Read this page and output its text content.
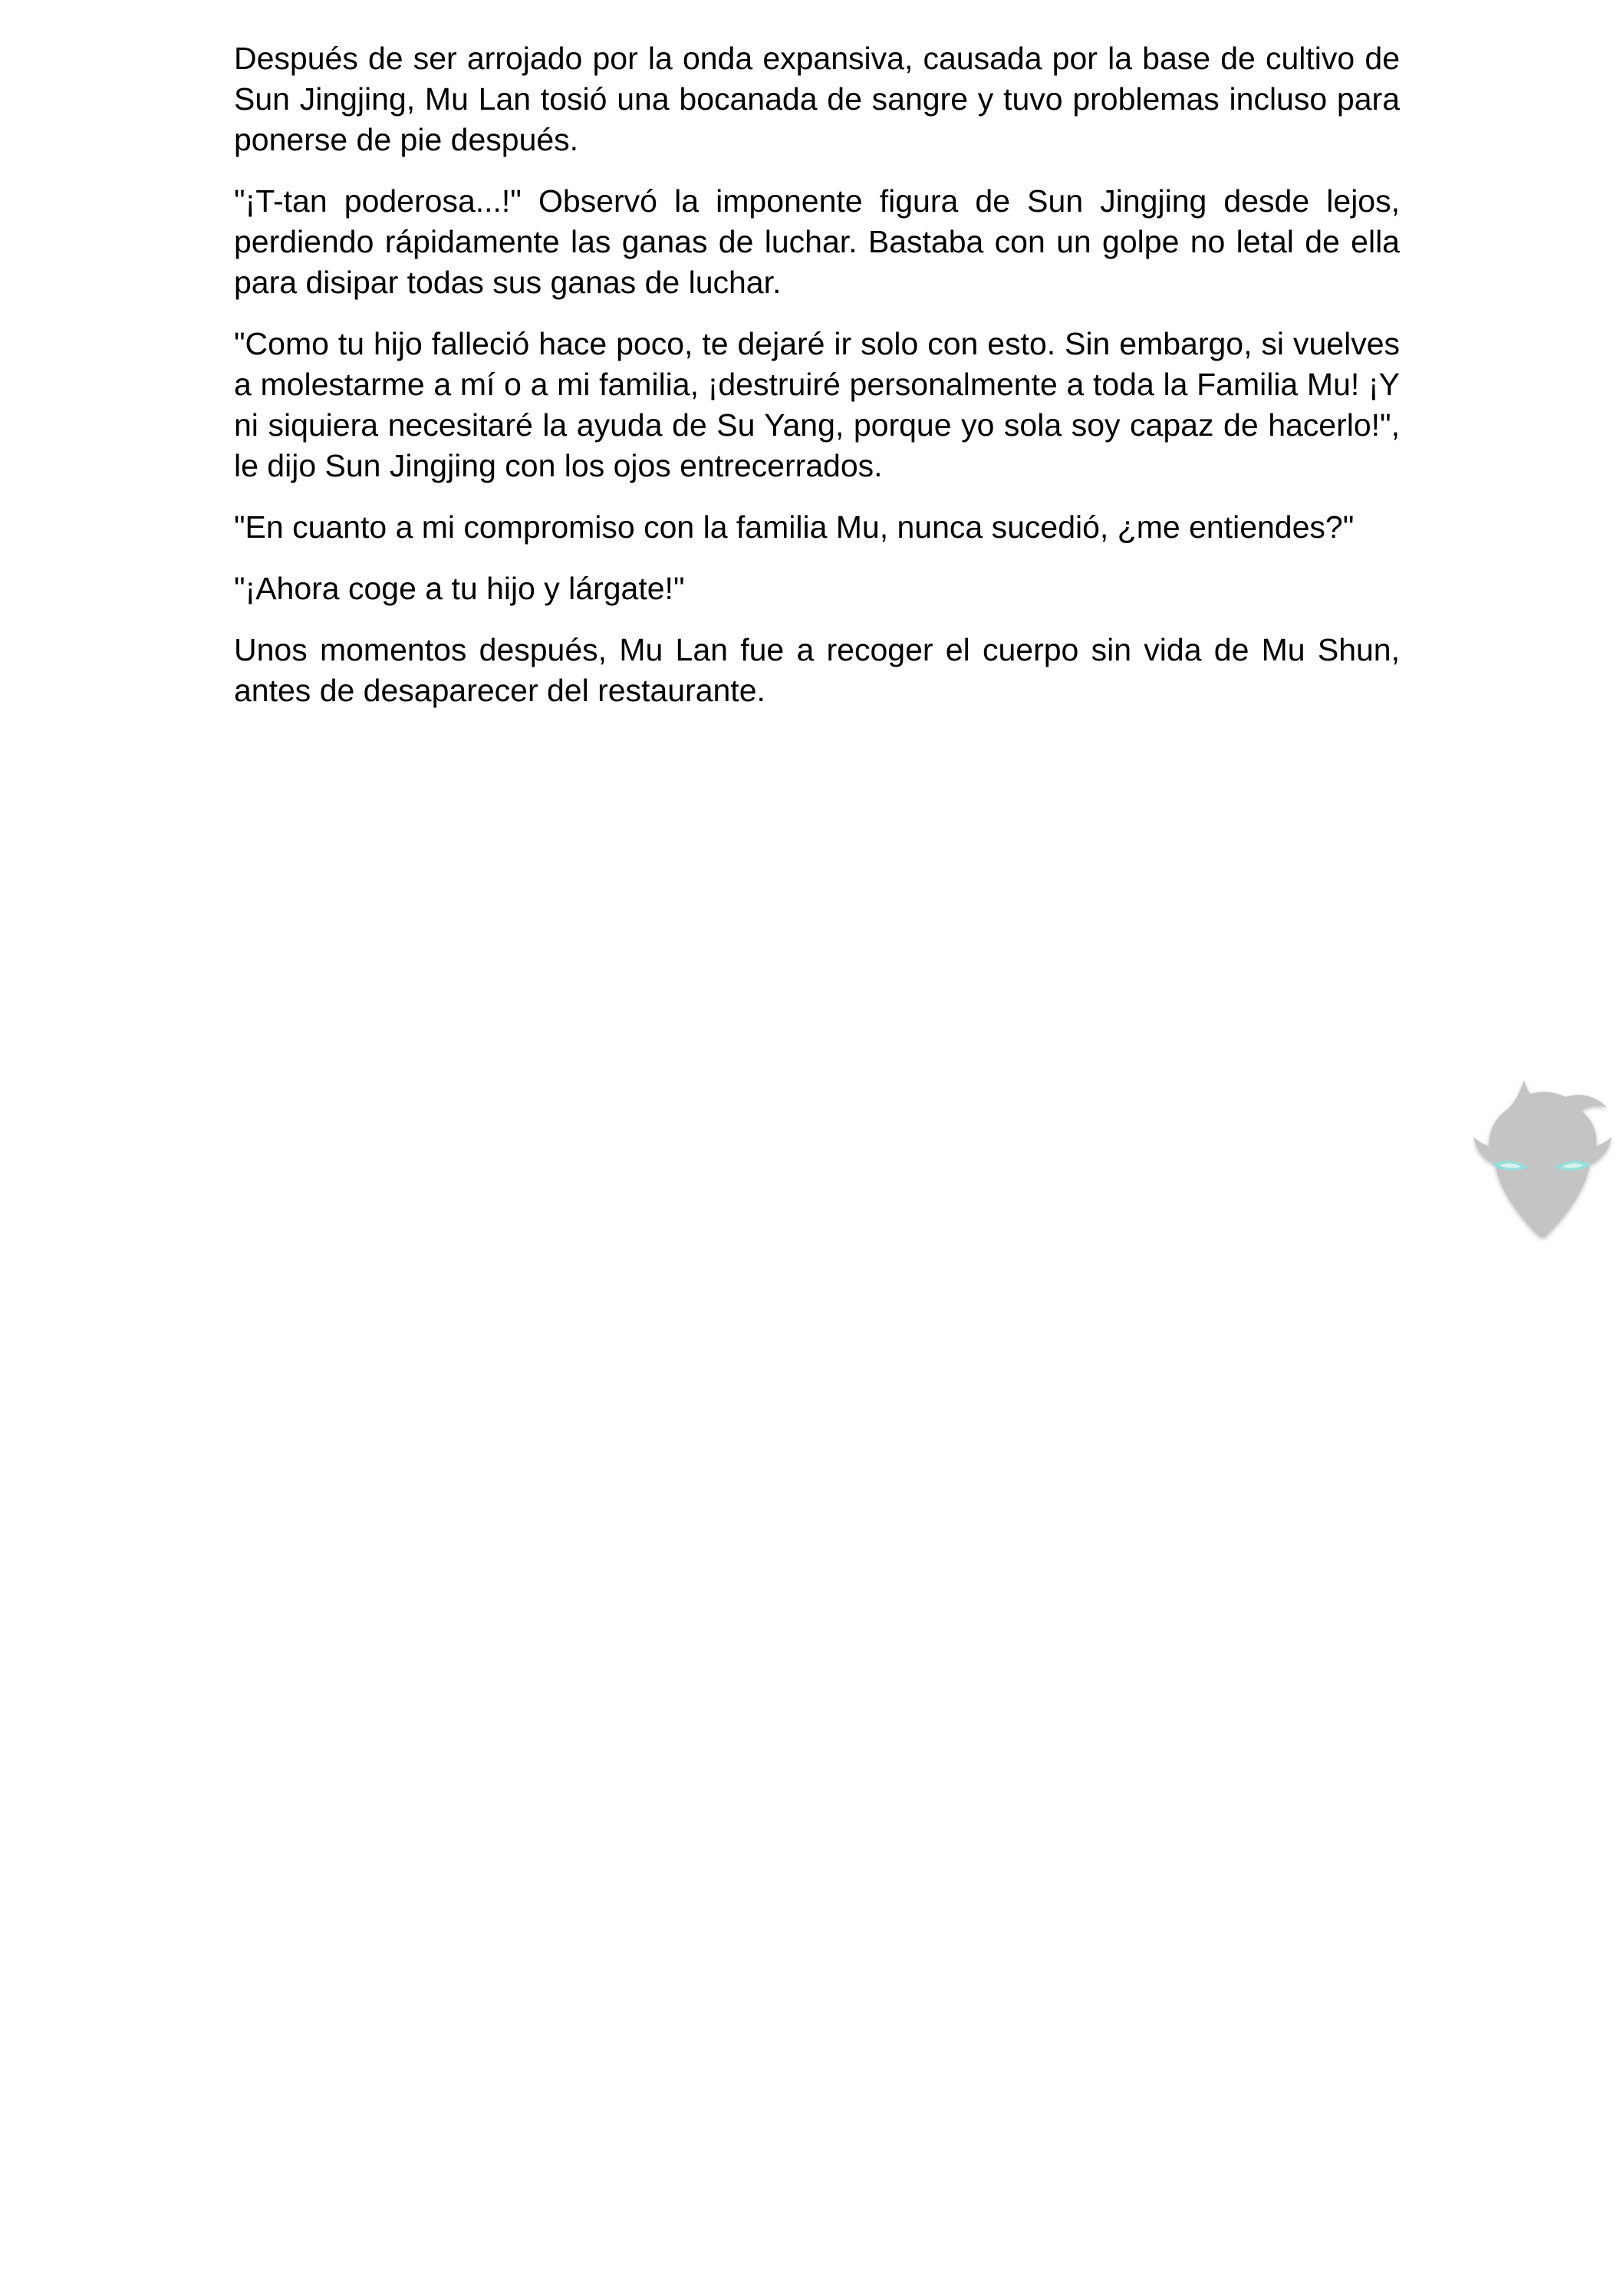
Después de ser arrojado por la onda expansiva, causada por la base de cultivo de Sun Jingjing, Mu Lan tosió una bocanada de sangre y tuvo problemas incluso para ponerse de pie después.

"¡T-tan poderosa...!" Observó la imponente figura de Sun Jingjing desde lejos, perdiendo rápidamente las ganas de luchar. Bastaba con un golpe no letal de ella para disipar todas sus ganas de luchar.

"Como tu hijo falleció hace poco, te dejaré ir solo con esto. Sin embargo, si vuelves a molestarme a mí o a mi familia, ¡destruiré personalmente a toda la Familia Mu! ¡Y ni siquiera necesitaré la ayuda de Su Yang, porque yo sola soy capaz de hacerlo!", le dijo Sun Jingjing con los ojos entrecerrados.

"En cuanto a mi compromiso con la familia Mu, nunca sucedió, ¿me entiendes?"

"¡Ahora coge a tu hijo y lárgate!"

Unos momentos después, Mu Lan fue a recoger el cuerpo sin vida de Mu Shun, antes de desaparecer del restaurante.
